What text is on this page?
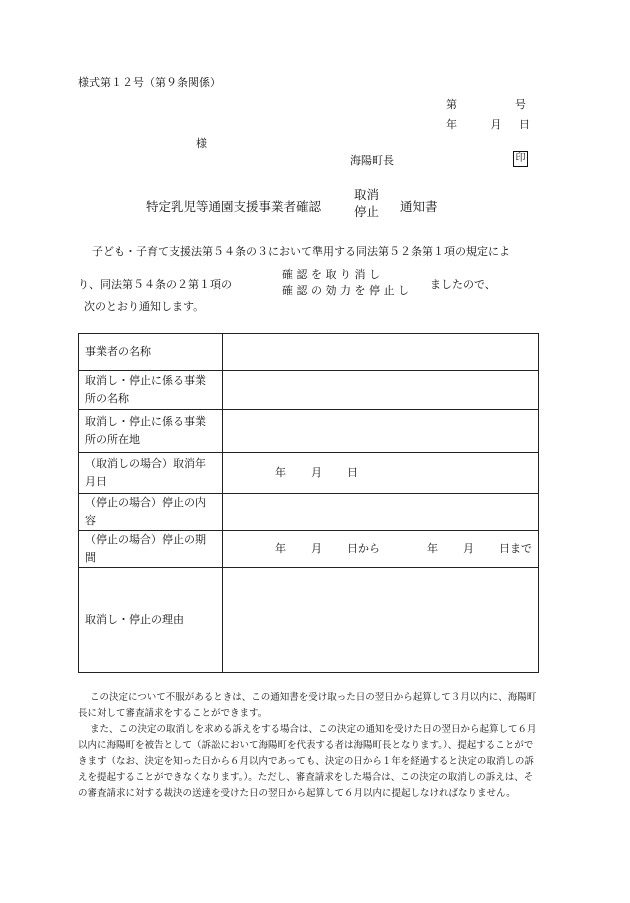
様式第１２号（第９条関係）
第	号
年	月 日
様
海陽町長	印
特定乳児等通園支援事業者確認
取消
停止 通知書
子ども・子育て支援法第５４条の３において準用する同法第５２条第１項の規定によ
り、同法第５４条の２第１項の
確 認 を 取 り 消 し
確 認 の 効 力 を 停 止 し ましたので、
次のとおり通知します。
事業者の名称	
取消し・停止に係る事業所の名称	
取消し・停止に係る事業所の所在地	
（取消しの場合）取消年月日	年 月 日

（停止の場合）停止の内容	
（停止の場合）停止の期間	年 月 日から 年 月 日まで

取消し・停止の理由	
この決定について不服があるときは、この通知書を受け取った日の翌日から起算して３月以内に、海陽町長に対して審査請求をすることができます。
また、この決定の取消しを求める訴えをする場合は、この決定の通知を受けた日の翌日から起算して６月以内に海陽町を被告として（訴訟において海陽町を代表する者は海陽町長となります。）、提起することができます（なお、決定を知った日から６月以内であっても、決定の日から１年を経過すると決定の取消しの訴えを提起することができなくなります。）。ただし、審査請求をした場合は、この決定の取消しの訴えは、その審査請求に対する裁決の送達を受けた日の翌日から起算して６月以内に提起しなければなりません。
